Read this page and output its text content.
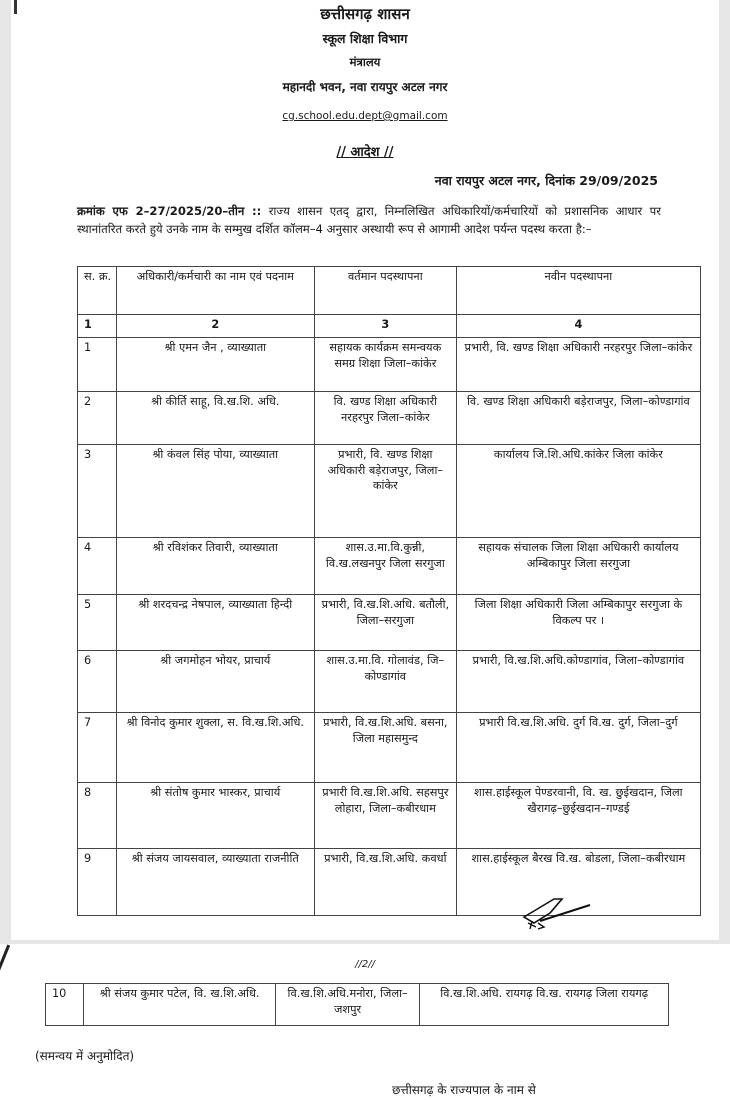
छत्तीसगढ़ शासन
स्कूल शिक्षा विभाग
मंत्रालय
महानदी भवन, नवा रायपुर अटल नगर
cg.school.edu.dept@gmail.com
// आदेश //
नवा रायपुर अटल नगर, दिनांक 29/09/2025
क्रमांक एफ 2–27/2025/20–तीन :: राज्य शासन एतद् द्वारा, निम्नलिखित अधिकारियों/कर्मचारियों को प्रशासनिक आधार पर स्थानांतरित करते हुये उनके नाम के सम्मुख दर्शित कॉलम–4 अनुसार अस्थायी रूप से आगामी आदेश पर्यन्त पदस्थ करता है:–
स. क्र.	अधिकारी/कर्मचारी का नाम एवं पदनाम	वर्तमान पदस्थापना	नवीन पदस्थापना
1	2	3	4
1	श्री एमन जैन , व्याख्याता	सहायक कार्यक्रम समन्वयक समग्र शिक्षा जिला–कांकेर	प्रभारी, वि. खण्ड शिक्षा अधिकारी नरहरपुर जिला–कांकेर
2	श्री कीर्ति साहू, वि.ख.शि. अधि.	वि. खण्ड शिक्षा अधिकारी नरहरपुर जिला–कांकेर	वि. खण्ड शिक्षा अधिकारी बड़ेराजपुर, जिला–कोण्डागांव
3	श्री कंवल सिंह पोया, व्याख्याता	प्रभारी, वि. खण्ड शिक्षा अधिकारी बड़ेराजपुर, जिला–कांकेर	कार्यालय जि.शि.अधि.कांकेर जिला कांकेर
4	श्री रविशंकर तिवारी, व्याख्याता	शास.उ.मा.वि.कुन्नी, वि.ख.लखनपुर जिला सरगुजा	सहायक संचालक जिला शिक्षा अधिकारी कार्यालय अम्बिकापुर जिला सरगुजा
5	श्री शरदचन्द्र नेषपाल, व्याख्याता हिन्दी	प्रभारी, वि.ख.शि.अधि. बतौली, जिला–सरगुजा	जिला शिक्षा अधिकारी जिला अम्बिकापुर सरगुजा के विकल्प पर ।
6	श्री जगमोहन भोयर, प्राचार्य	शास.उ.मा.वि. गोलावंड, जि–कोण्डागांव	प्रभारी, वि.ख.शि.अधि.कोण्डागांव, जिला–कोण्डागांव
7	श्री विनोद कुमार शुक्ला, स. वि.ख.शि.अधि.	प्रभारी, वि.ख.शि.अधि. बसना, जिला महासमुन्द	प्रभारी वि.ख.शि.अधि. दुर्ग वि.ख. दुर्ग, जिला–दुर्ग
8	श्री संतोष कुमार भास्कर, प्राचार्य	प्रभारी वि.ख.शि.अधि. सहसपुर लोहारा, जिला–कबीरधाम	शास.हाईस्कूल पेण्डरवानी, वि. ख. छुईखदान, जिला खैरागढ़–छुईखदान–गण्डई
9	श्री संजय जायसवाल, व्याख्याता राजनीति	प्रभारी, वि.ख.शि.अधि. कवर्धा	शास.हाईस्कूल बैरख वि.ख. बोडला, जिला–कबीरधाम
//2//
10	श्री संजय कुमार पटेल, वि. ख.शि.अधि.	वि.ख.शि.अधि.मनोरा, जिला–जशपुर	वि.ख.शि.अधि. रायगढ़ वि.ख. रायगढ़ जिला रायगढ़
(समन्वय में अनुमोदित)
छत्तीसगढ़ के राज्यपाल के नाम से
